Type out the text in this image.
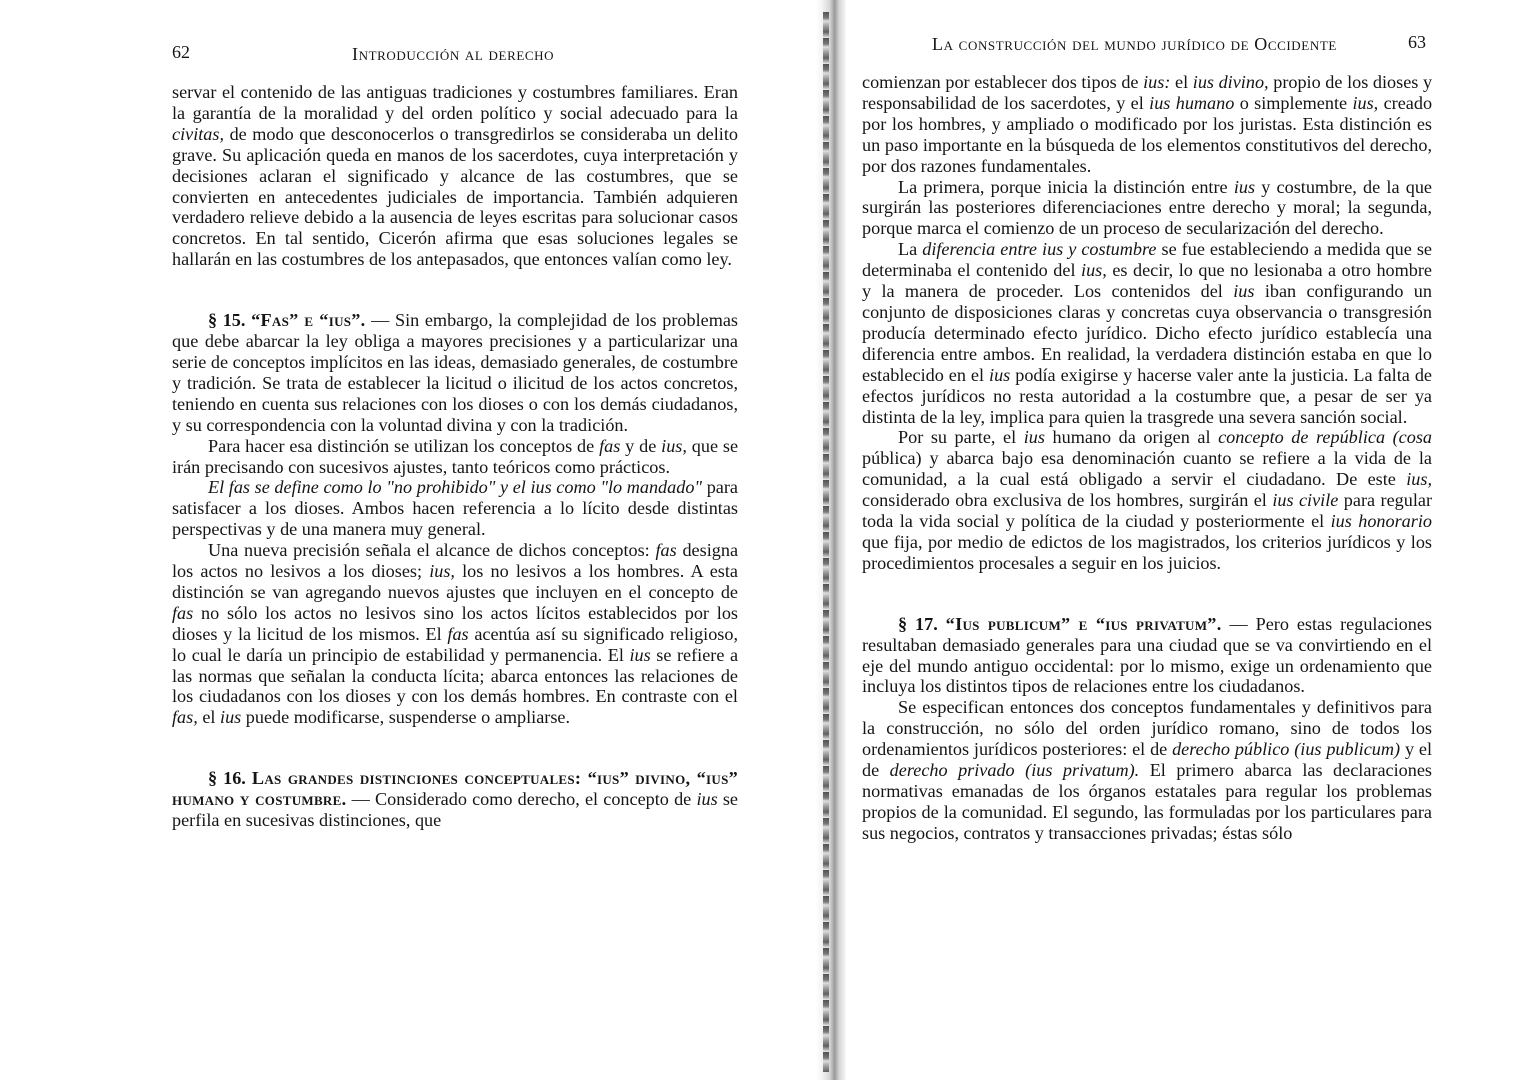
62	Introducción al derecho

servar el contenido de las antiguas tradiciones y costumbres familiares. Eran la garantía de la moralidad y del orden político y social adecuado para la civitas, de modo que desconocerlos o transgredirlos se consideraba un delito grave. Su aplicación queda en manos de los sacerdotes, cuya interpretación y decisiones aclaran el significado y alcance de las costumbres, que se convierten en antecedentes judiciales de importancia. También adquieren verdadero relieve debido a la ausencia de leyes escritas para solucionar casos concretos. En tal sentido, Cicerón afirma que esas soluciones legales se hallarán en las costumbres de los antepasados, que entonces valían como ley.

§ 15. “Fas” e “ius”. — Sin embargo, la complejidad de los problemas que debe abarcar la ley obliga a mayores precisiones y a particularizar una serie de conceptos implícitos en las ideas, demasiado generales, de costumbre y tradición. Se trata de establecer la licitud o ilicitud de los actos concretos, teniendo en cuenta sus relaciones con los dioses o con los demás ciudadanos, y su correspondencia con la voluntad divina y con la tradición.

Para hacer esa distinción se utilizan los conceptos de fas y de ius, que se irán precisando con sucesivos ajustes, tanto teóricos como prácticos.

El fas se define como lo "no prohibido" y el ius como "lo mandado" para satisfacer a los dioses. Ambos hacen referencia a lo lícito desde distintas perspectivas y de una manera muy general.

Una nueva precisión señala el alcance de dichos conceptos: fas designa los actos no lesivos a los dioses; ius, los no lesivos a los hombres. A esta distinción se van agregando nuevos ajustes que incluyen en el concepto de fas no sólo los actos no lesivos sino los actos lícitos establecidos por los dioses y la licitud de los mismos. El fas acentúa así su significado religioso, lo cual le daría un principio de estabilidad y permanencia. El ius se refiere a las normas que señalan la conducta lícita; abarca entonces las relaciones de los ciudadanos con los dioses y con los demás hombres. En contraste con el fas, el ius puede modificarse, suspenderse o ampliarse.

§ 16. Las grandes distinciones conceptuales: “ius” divino, “ius” humano y costumbre. — Considerado como derecho, el concepto de ius se perfila en sucesivas distinciones, que

La construcción del mundo jurídico de Occidente	63

comienzan por establecer dos tipos de ius: el ius divino, propio de los dioses y responsabilidad de los sacerdotes, y el ius humano o simplemente ius, creado por los hombres, y ampliado o modificado por los juristas. Esta distinción es un paso importante en la búsqueda de los elementos constitutivos del derecho, por dos razones fundamentales.

La primera, porque inicia la distinción entre ius y costumbre, de la que surgirán las posteriores diferenciaciones entre derecho y moral; la segunda, porque marca el comienzo de un proceso de secularización del derecho.

La diferencia entre ius y costumbre se fue estableciendo a medida que se determinaba el contenido del ius, es decir, lo que no lesionaba a otro hombre y la manera de proceder. Los contenidos del ius iban configurando un conjunto de disposiciones claras y concretas cuya observancia o transgresión producía determinado efecto jurídico. Dicho efecto jurídico establecía una diferencia entre ambos. En realidad, la verdadera distinción estaba en que lo establecido en el ius podía exigirse y hacerse valer ante la justicia. La falta de efectos jurídicos no resta autoridad a la costumbre que, a pesar de ser ya distinta de la ley, implica para quien la trasgrede una severa sanción social.

Por su parte, el ius humano da origen al concepto de república (cosa pública) y abarca bajo esa denominación cuanto se refiere a la vida de la comunidad, a la cual está obligado a servir el ciudadano. De este ius, considerado obra exclusiva de los hombres, surgirán el ius civile para regular toda la vida social y política de la ciudad y posteriormente el ius honorario que fija, por medio de edictos de los magistrados, los criterios jurídicos y los procedimientos procesales a seguir en los juicios.

§ 17. “Ius publicum” e “ius privatum”. — Pero estas regulaciones resultaban demasiado generales para una ciudad que se va convirtiendo en el eje del mundo antiguo occidental: por lo mismo, exige un ordenamiento que incluya los distintos tipos de relaciones entre los ciudadanos.

Se especifican entonces dos conceptos fundamentales y definitivos para la construcción, no sólo del orden jurídico romano, sino de todos los ordenamientos jurídicos posteriores: el de derecho público (ius publicum) y el de derecho privado (ius privatum). El primero abarca las declaraciones normativas emanadas de los órganos estatales para regular los problemas propios de la comunidad. El segundo, las formuladas por los particulares para sus negocios, contratos y transacciones privadas; éstas sólo
